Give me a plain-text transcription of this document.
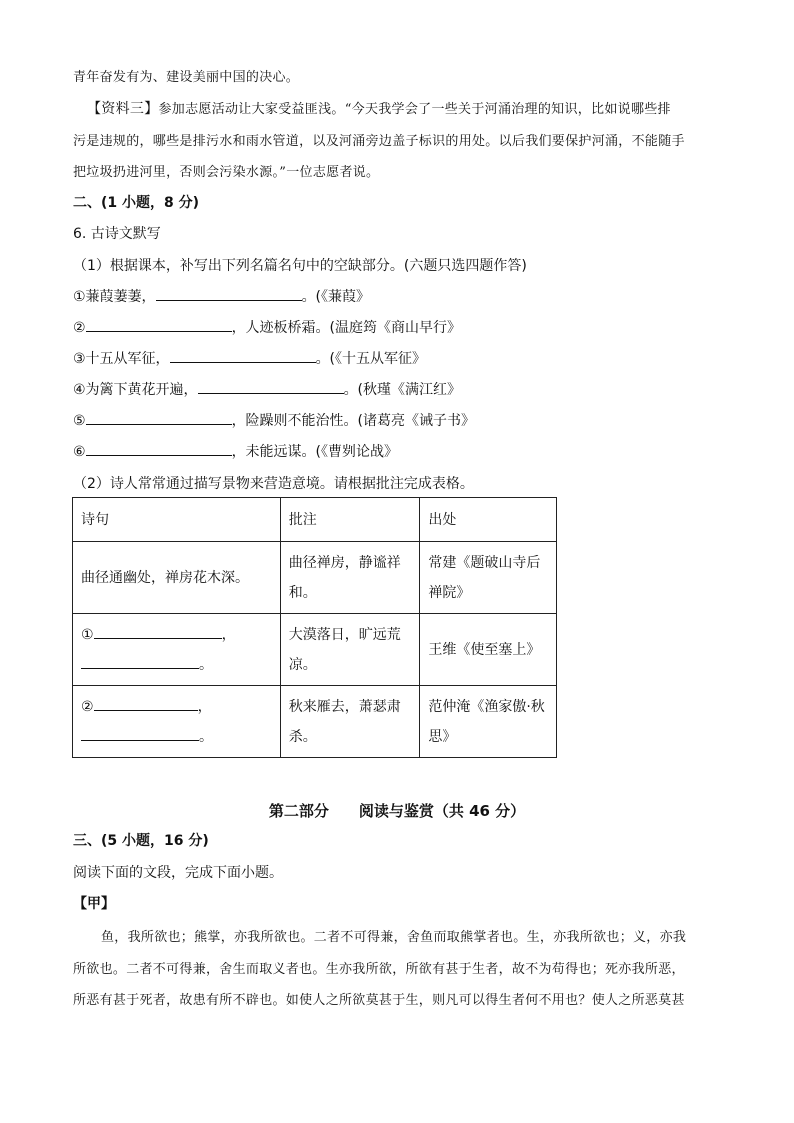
青年奋发有为、建设美丽中国的决心。
【资料三】参加志愿活动让大家受益匪浅。“今天我学会了一些关于河涌治理的知识，比如说哪些排
污是违规的，哪些是排污水和雨水管道，以及河涌旁边盖子标识的用处。以后我们要保护河涌，不能随手
把垃圾扔进河里，否则会污染水源。”一位志愿者说。
二、(1 小题，8 分)
6. 古诗文默写
（1）根据课本，补写出下列名篇名句中的空缺部分。(六题只选四题作答)
①蒹葭萋萋，	。(《蒹葭》
②	，人迹板桥霜。(温庭筠《商山早行》
③十五从军征，	。(《十五从军征》
④为篱下黄花开遍，	。(秋瑾《满江红》
⑤	，险躁则不能治性。(诸葛亮《诫子书》
⑥	，未能远谋。(《曹刿论战》
（2）诗人常常通过描写景物来营造意境。请根据批注完成表格。
诗句	批注	出处
曲径通幽处，禅房花木深。	曲径禅房，静谧祥和。	常建《题破山寺后禅院》

① ，
。	大漠落日，旷远荒凉。	王维《使至塞上》

② ，
。	秋来雁去，萧瑟肃杀。	范仲淹《渔家傲·秋思》
第二部分 阅读与鉴赏（共 46 分）
三、(5 小题，16 分)
阅读下面的文段，完成下面小题。
【甲】
鱼，我所欲也；熊掌，亦我所欲也。二者不可得兼，舍鱼而取熊掌者也。生，亦我所欲也；义，亦我
所欲也。二者不可得兼，舍生而取义者也。生亦我所欲，所欲有甚于生者，故不为苟得也；死亦我所恶，
所恶有甚于死者，故患有所不辟也。如使人之所欲莫甚于生，则凡可以得生者何不用也？使人之所恶莫甚
